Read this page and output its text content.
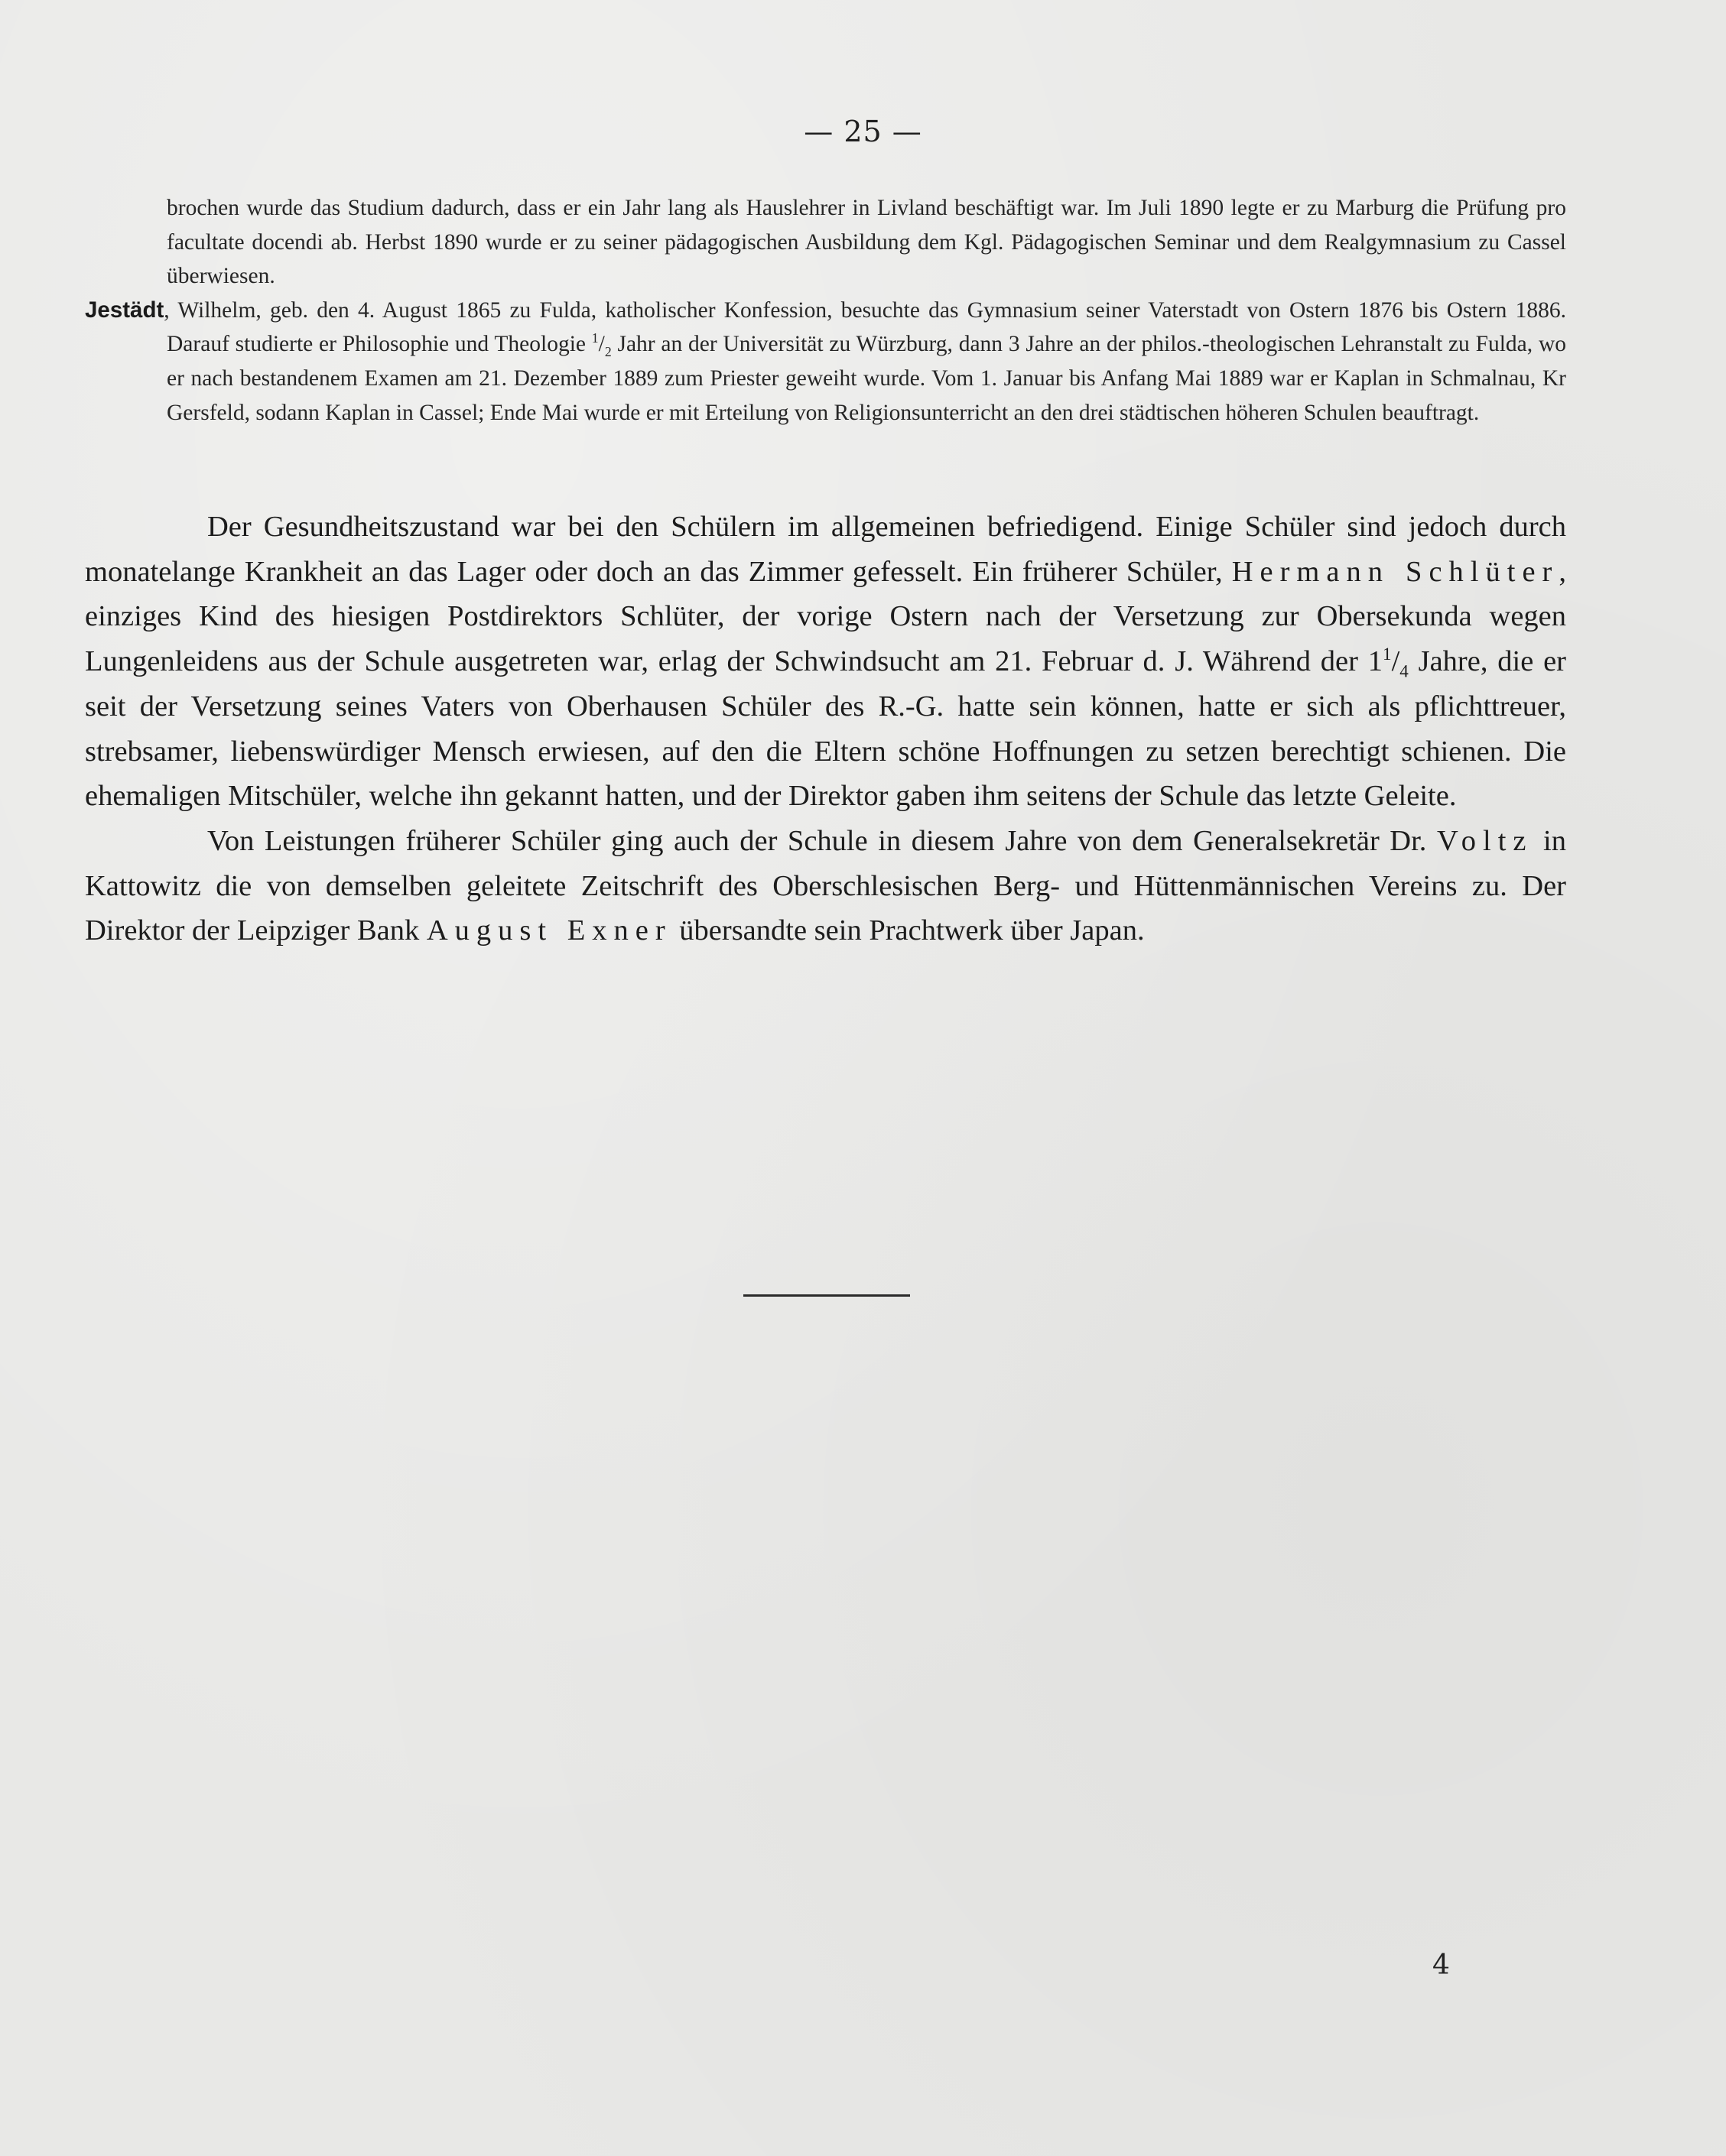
— 25 —

brochen wurde das Studium dadurch, dass er ein Jahr lang als Hauslehrer in Livland beschäftigt war. Im Juli 1890 legte er zu Marburg die Prüfung pro facultate docendi ab. Herbst 1890 wurde er zu seiner pädagogischen Ausbildung dem Kgl. Pädagogischen Seminar und dem Realgymnasium zu Cassel überwiesen.

Jestädt, Wilhelm, geb. den 4. August 1865 zu Fulda, katholischer Konfession, besuchte das Gymnasium seiner Vaterstadt von Ostern 1876 bis Ostern 1886. Darauf studierte er Philosophie und Theologie $^1/_2$ Jahr an der Universität zu Würzburg, dann 3 Jahre an der philos.-theologischen Lehranstalt zu Fulda, wo er nach bestandenem Examen am 21. Dezember 1889 zum Priester geweiht wurde. Vom 1. Januar bis Anfang Mai 1889 war er Kaplan in Schmalnau, Kr Gersfeld, sodann Kaplan in Cassel; Ende Mai wurde er mit Erteilung von Religionsunterricht an den drei städtischen höheren Schulen beauftragt.

Der Gesundheitszustand war bei den Schülern im allgemeinen befriedigend. Einige Schüler sind jedoch durch monatelange Krankheit an das Lager oder doch an das Zimmer gefesselt. Ein früherer Schüler, Hermann Schlüter, einziges Kind des hiesigen Postdirektors Schlüter, der vorige Ostern nach der Versetzung zur Obersekunda wegen Lungenleidens aus der Schule ausgetreten war, erlag der Schwindsucht am 21. Februar d. J. Während der $1^1/_4$ Jahre, die er seit der Versetzung seines Vaters von Oberhausen Schüler des R.-G. hatte sein können, hatte er sich als pflichttreuer, strebsamer, liebenswürdiger Mensch erwiesen, auf den die Eltern schöne Hoffnungen zu setzen berechtigt schienen. Die ehemaligen Mitschüler, welche ihn gekannt hatten, und der Direktor gaben ihm seitens der Schule das letzte Geleite.

Von Leistungen früherer Schüler ging auch der Schule in diesem Jahre von dem Generalsekretär Dr. Voltz in Kattowitz die von demselben geleitete Zeitschrift des Oberschlesischen Berg- und Hüttenmännischen Vereins zu. Der Direktor der Leipziger Bank August Exner übersandte sein Prachtwerk über Japan.

4
